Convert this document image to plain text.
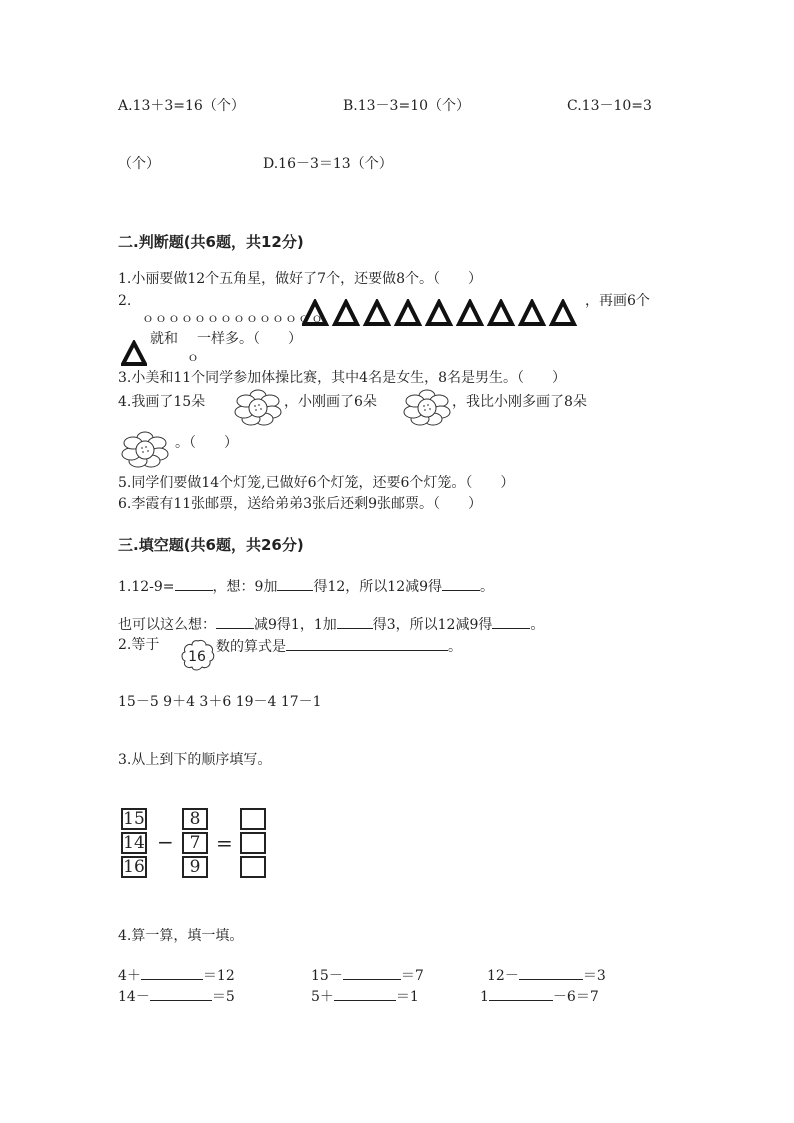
A.13＋3=16（个）	B.13－3=10（个）	C.13－10=3
（个）	D.16－3＝13（个）
二.判断题(共6题，共12分)
1.小丽要做12个五角星，做好了7个，还要做8个。（　　）
2.
ｏｏｏｏｏｏｏｏｏｏｏｏｏｏ
，再画6个
就和
ｏ
一样多。（　　）
3.小美和11个同学参加体操比赛，其中4名是女生，8名是男生。（　　）
4.我画了15朵	，小刚画了6朵	，我比小刚多画了8朵
。（　　）
5.同学们要做14个灯笼,已做好6个灯笼，还要6个灯笼。（　　）
6.李霞有11张邮票，送给弟弟3张后还剩9张邮票。（　　）
三.填空题(共6题，共26分)
1.12-9=	，想：9加	得12，所以12减9得	。
也可以这么想：	减9得1，1加	得3，所以12减9得	。
2.等于
16
数的算式是	。
15－5 9＋4 3＋6 19－4 17－1
3.从上到下的顺序填写。
15
14
16
−
8
7
9
=
4.算一算，填一填。
4＋	＝12	15－	＝7	12－	＝3
14－	＝5	5＋	＝1	1	－6＝7
